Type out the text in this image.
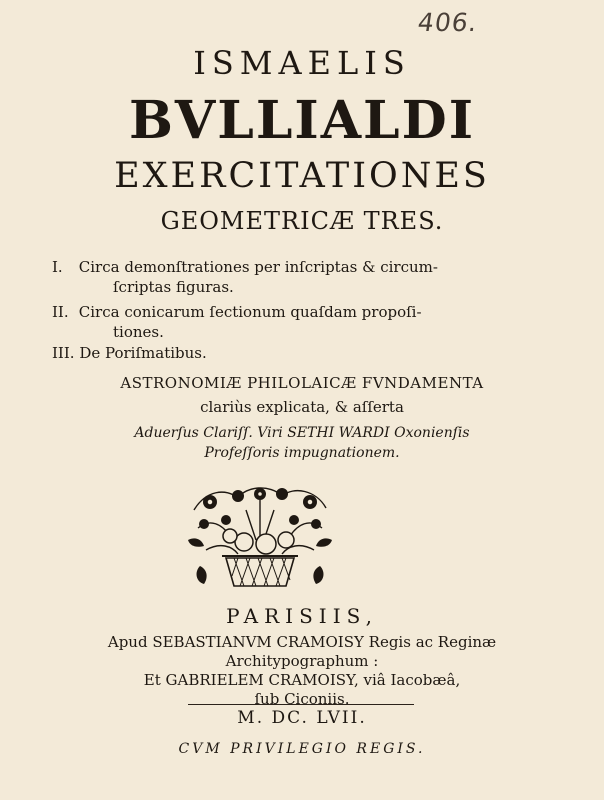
406.
ISMAELIS
BVLLIALDI
EXERCITATIONES
GEOMETRICÆ TRES.
I. Circa demonſtrationes per inſcriptas & circum-
ſcriptas figuras.
II. Circa conicarum ſectionum quaſdam propoſi-
tiones.
III. De Poriſmatibus.
ASTRONOMIÆ PHILOLAICÆ FVNDAMENTA
clariùs explicata, & aſſerta
Aduerſus Clariſſ. Viri SETHI WARDI Oxonienſis
Profeſſoris impugnationem.
PARISIIS,
Apud SEBASTIANVM CRAMOISY Regis ac Reginæ
Architypographum :
Et GABRIELEM CRAMOISY, viâ Iacobæâ,
ſub Ciconiis.
M. DC. LVII.
CVM PRIVILEGIO REGIS.
